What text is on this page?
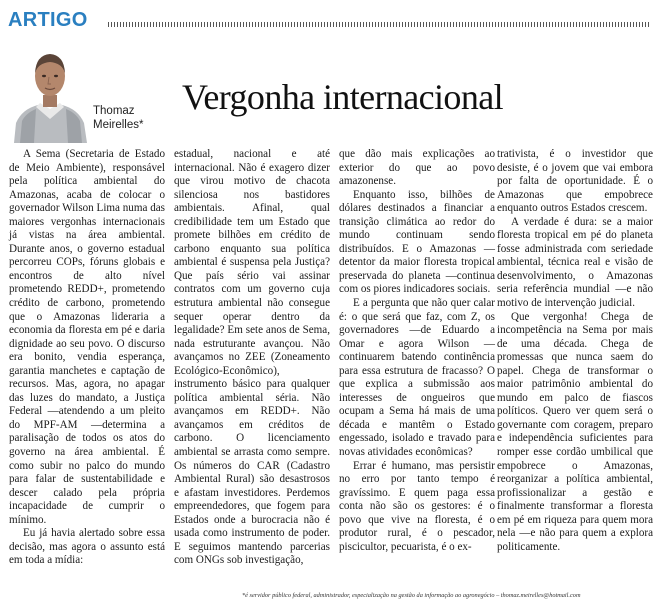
ARTIGO
Thomaz
Meirelles*
Vergonha internacional

A Sema (Secretaria de Estado de Meio Ambiente), responsável pela política ambiental do Amazonas, acaba de colocar o governador Wilson Lima numa das maiores vergonhas internacionais já vistas na área ambiental. Durante anos, o governo estadual percorreu COPs, fóruns globais e encontros de alto nível prometendo REDD+, prometendo crédito de carbono, prometendo que o Amazonas lideraria a economia da floresta em pé e daria dignidade ao seu povo. O discurso era bonito, vendia esperança, garantia manchetes e captação de recursos. Mas, agora, no apagar das luzes do mandato, a Justiça Federal —atendendo a um pleito do MPF-AM —determina a paralisação de todos os atos do governo na área ambiental. É como subir no palco do mundo para falar de sustentabilidade e descer calado pela própria incapacidade de cumprir o mínimo.

Eu já havia alertado sobre essa decisão, mas agora o assunto está em toda a mídia:

estadual, nacional e até internacional. Não é exagero dizer que virou motivo de chacota silenciosa nos bastidores ambientais. Afinal, qual credibilidade tem um Estado que promete bilhões em crédito de carbono enquanto sua política ambiental é suspensa pela Justiça? Que país sério vai assinar contratos com um governo cuja estrutura ambiental não consegue sequer operar dentro da legalidade? Em sete anos de Sema, nada estruturante avançou. Não avançamos no ZEE (Zoneamento Ecológico-Econômico), instrumento básico para qualquer política ambiental séria. Não avançamos em REDD+. Não avançamos em créditos de carbono. O licenciamento ambiental se arrasta como sempre. Os números do CAR (Cadastro Ambiental Rural) são desastrosos e afastam investidores. Perdemos empreendedores, que fogem para Estados onde a burocracia não é usada como instrumento de poder. E seguimos mantendo parcerias com ONGs sob investigação,

que dão mais explicações ao exterior do que ao povo amazonense.

Enquanto isso, bilhões de dólares destinados a financiar a transição climática ao redor do mundo continuam sendo distribuídos. E o Amazonas —detentor da maior floresta tropical preservada do planeta —continua com os piores indicadores sociais.

E a pergunta que não quer calar é: o que será que faz, com Z, os governadores —de Eduardo a Omar e agora Wilson —continuarem batendo continência para essa estrutura de fracasso? O que explica a submissão aos interesses de ongueiros que ocupam a Sema há mais de uma década e mantêm o Estado engessado, isolado e travado para novas atividades econômicas?

Errar é humano, mas persistir no erro por tanto tempo é gravíssimo. E quem paga essa conta não são os gestores: é o povo que vive na floresta, é o produtor rural, é o pescador, piscicultor, pecuarista, é o ex-

trativista, é o investidor que desiste, é o jovem que vai embora por falta de oportunidade. É o Amazonas que empobrece enquanto outros Estados crescem.

A verdade é dura: se a maior floresta tropical em pé do planeta fosse administrada com seriedade ambiental, técnica real e visão de desenvolvimento, o Amazonas seria referência mundial —e não motivo de intervenção judicial.

Que vergonha! Chega de incompetência na Sema por mais de uma década. Chega de promessas que nunca saem do papel. Chega de transformar o maior patrimônio ambiental do mundo em palco de fiascos políticos. Quero ver quem será o governante com coragem, preparo e independência suficientes para romper esse cordão umbilical que empobrece o Amazonas, reorganizar a política ambiental, profissionalizar a gestão e finalmente transformar a floresta em pé em riqueza para quem mora nela —e não para quem a explora politicamente.

*é servidor público federal, administrador, especialização na gestão da informação ao agronegócio – thomaz.meirelles@hotmail.com
